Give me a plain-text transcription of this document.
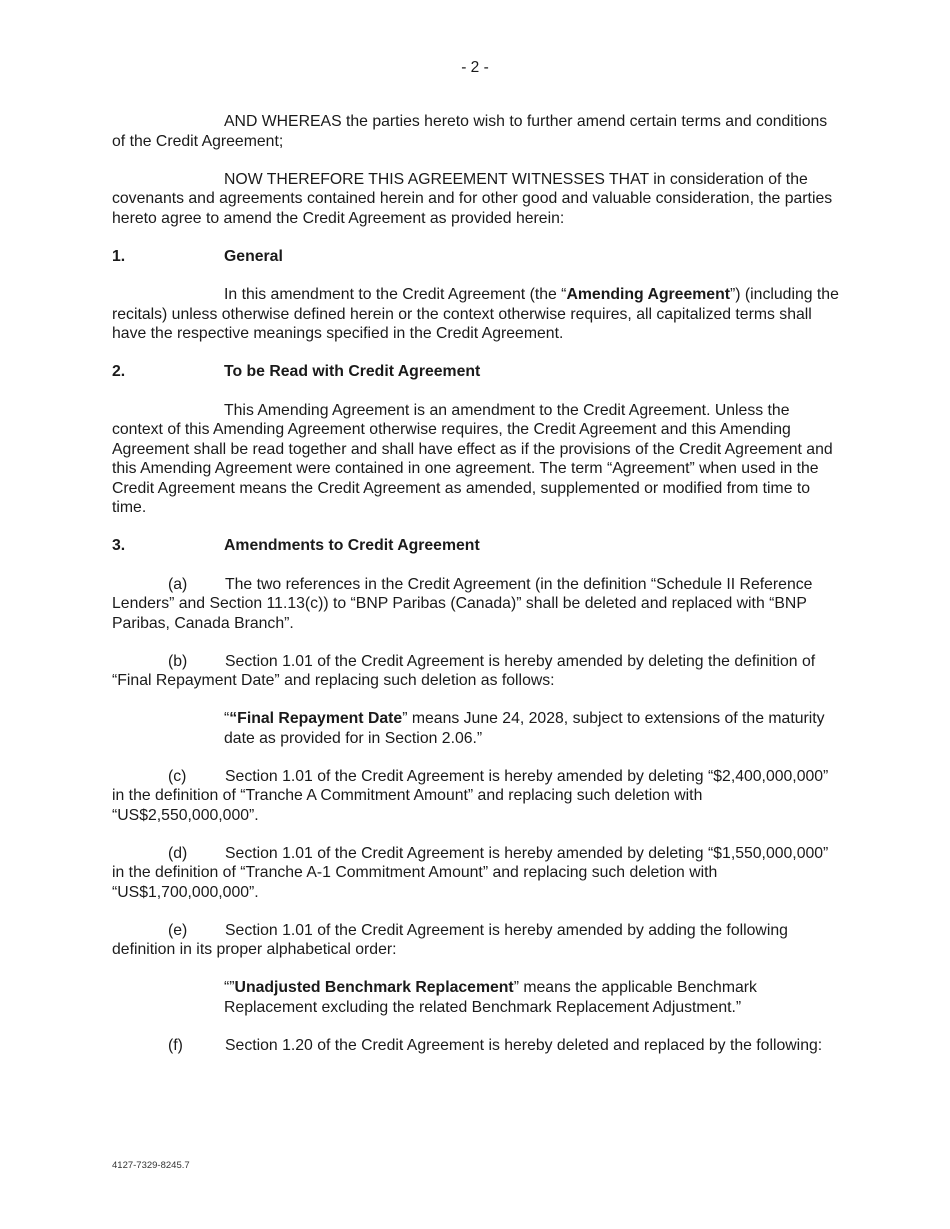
- 2 -

AND WHEREAS the parties hereto wish to further amend certain terms and conditions of the Credit Agreement;

NOW THEREFORE THIS AGREEMENT WITNESSES THAT in consideration of the covenants and agreements contained herein and for other good and valuable consideration, the parties hereto agree to amend the Credit Agreement as provided herein:

1.	General

In this amendment to the Credit Agreement (the “Amending Agreement”) (including the recitals) unless otherwise defined herein or the context otherwise requires, all capitalized terms shall have the respective meanings specified in the Credit Agreement.

2.	To be Read with Credit Agreement

This Amending Agreement is an amendment to the Credit Agreement. Unless the context of this Amending Agreement otherwise requires, the Credit Agreement and this Amending Agreement shall be read together and shall have effect as if the provisions of the Credit Agreement and this Amending Agreement were contained in one agreement. The term “Agreement” when used in the Credit Agreement means the Credit Agreement as amended, supplemented or modified from time to time.

3.	Amendments to Credit Agreement

(a) The two references in the Credit Agreement (in the definition “Schedule II Reference Lenders” and Section 11.13(c)) to “BNP Paribas (Canada)” shall be deleted and replaced with “BNP Paribas, Canada Branch”.

(b) Section 1.01 of the Credit Agreement is hereby amended by deleting the definition of “Final Repayment Date” and replacing such deletion as follows:

““Final Repayment Date” means June 24, 2028, subject to extensions of the maturity date as provided for in Section 2.06.”

(c) Section 1.01 of the Credit Agreement is hereby amended by deleting “$2,400,000,000” in the definition of “Tranche A Commitment Amount” and replacing such deletion with “US$2,550,000,000”.

(d) Section 1.01 of the Credit Agreement is hereby amended by deleting “$1,550,000,000” in the definition of “Tranche A-1 Commitment Amount” and replacing such deletion with “US$1,700,000,000”.

(e) Section 1.01 of the Credit Agreement is hereby amended by adding the following definition in its proper alphabetical order:

“”Unadjusted Benchmark Replacement” means the applicable Benchmark Replacement excluding the related Benchmark Replacement Adjustment.”

(f)	Section 1.20 of the Credit Agreement is hereby deleted and replaced by the following:

4127-7329-8245.7
